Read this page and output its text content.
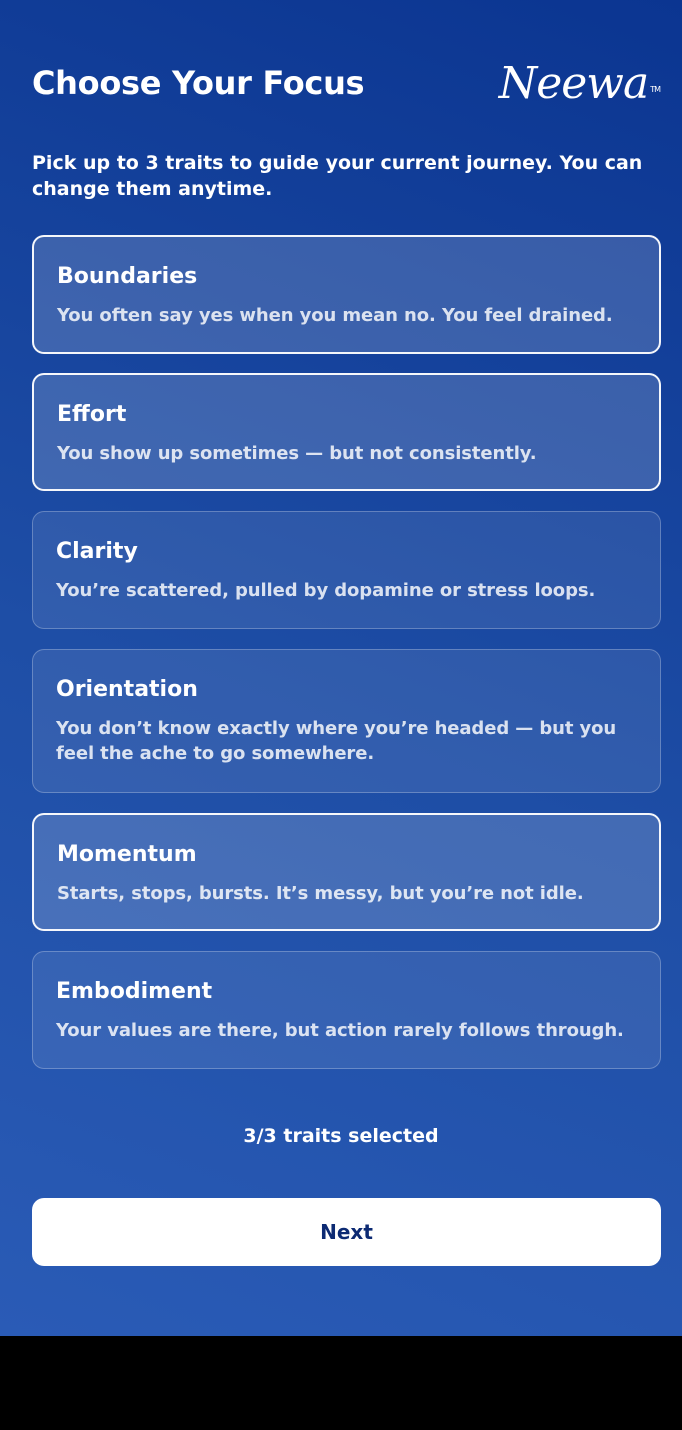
Choose Your Focus	Neewa ™
Pick up to 3 traits to guide your current journey. You can change them anytime.
Boundaries
You often say yes when you mean no. You feel drained.
Effort
You show up sometimes — but not consistently.
Clarity
You’re scattered, pulled by dopamine or stress loops.
Orientation
You don’t know exactly where you’re headed — but you feel the ache to go somewhere.
Momentum
Starts, stops, bursts. It’s messy, but you’re not idle.
Embodiment
Your values are there, but action rarely follows through.
3/3 traits selected
Next
